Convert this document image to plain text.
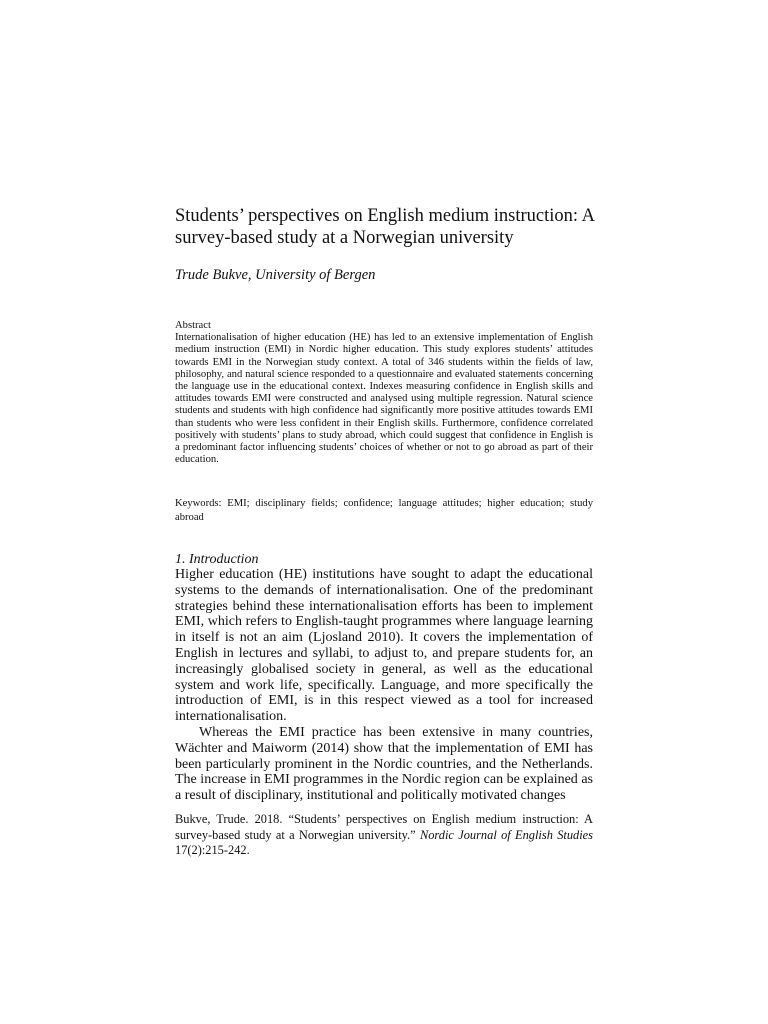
Students’ perspectives on English medium instruction: A survey-based study at a Norwegian university

Trude Bukve, University of Bergen

Abstract

Internationalisation of higher education (HE) has led to an extensive implementation of English medium instruction (EMI) in Nordic higher education. This study explores students’ attitudes towards EMI in the Norwegian study context. A total of 346 students within the fields of law, philosophy, and natural science responded to a questionnaire and evaluated statements concerning the language use in the educational context. Indexes measuring confidence in English skills and attitudes towards EMI were constructed and analysed using multiple regression. Natural science students and students with high confidence had significantly more positive attitudes towards EMI than students who were less confident in their English skills. Furthermore, confidence correlated positively with students’ plans to study abroad, which could suggest that confidence in English is a predominant factor influencing students’ choices of whether or not to go abroad as part of their education.

Keywords: EMI; disciplinary fields; confidence; language attitudes; higher education; study abroad

1. Introduction

Higher education (HE) institutions have sought to adapt the educational systems to the demands of internationalisation. One of the predominant strategies behind these internationalisation efforts has been to implement EMI, which refers to English-taught programmes where language learning in itself is not an aim (Ljosland 2010). It covers the implementation of English in lectures and syllabi, to adjust to, and prepare students for, an increasingly globalised society in general, as well as the educational system and work life, specifically. Language, and more specifically the introduction of EMI, is in this respect viewed as a tool for increased internationalisation.

Whereas the EMI practice has been extensive in many countries, Wächter and Maiworm (2014) show that the implementation of EMI has been particularly prominent in the Nordic countries, and the Netherlands. The increase in EMI programmes in the Nordic region can be explained as a result of disciplinary, institutional and politically motivated changes

Bukve, Trude. 2018. “Students’ perspectives on English medium instruction: A survey-based study at a Norwegian university.” Nordic Journal of English Studies 17(2):215-242.
